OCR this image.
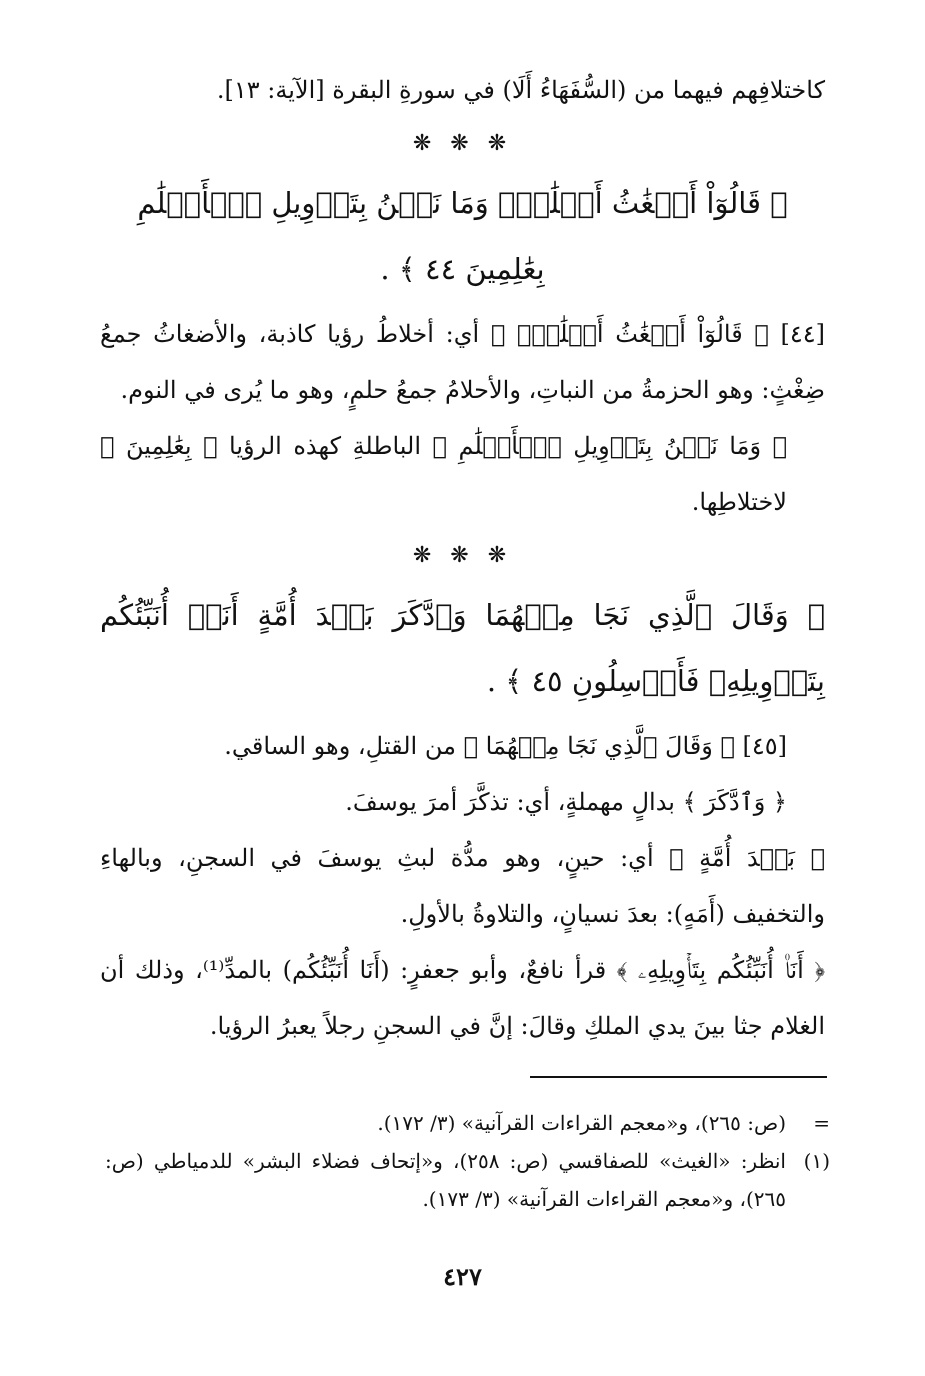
كاختلافِهم فيهما من (السُّفَهَاءُ أَلَا) في سورةِ البقرة [الآية: ١٣].

❋ ❋ ❋

﴿ قَالُوٓاْ أَضۡغَٰثُ أَحۡلَٰمٖۖ وَمَا نَحۡنُ بِتَأۡوِيلِ ٱلۡأَحۡلَٰمِ بِعَٰلِمِينَ ٤٤ ﴾ .

[٤٤] ﴿ قَالُوٓاْ أَضۡغَٰثُ أَحۡلَٰمٖۖ ﴾ أي: أخلاطُ رؤيا كاذبة، والأضغاثُ جمعُ ضِغْثٍ: وهو الحزمةُ من النباتِ، والأحلامُ جمعُ حلمٍ، وهو ما يُرى في النوم.

﴿ وَمَا نَحۡنُ بِتَأۡوِيلِ ٱلۡأَحۡلَٰمِ ﴾ الباطلةِ كهذه الرؤيا ﴿ بِعَٰلِمِينَ ﴾ لاختلاطِها.

❋ ❋ ❋

﴿ وَقَالَ ٱلَّذِي نَجَا مِنۡهُمَا وَٱدَّكَرَ بَعۡدَ أُمَّةٍ أَنَا۠ أُنَبِّئُكُم بِتَأۡوِيلِهِۦ فَأَرۡسِلُونِ ٤٥ ﴾ .

[٤٥] ﴿ وَقَالَ ٱلَّذِي نَجَا مِنۡهُمَا ﴾ من القتلِ، وهو الساقي.

﴿ وَٱدَّكَرَ ﴾ بدالٍ مهملةٍ، أي: تذكَّرَ أمرَ يوسفَ.

﴿ بَعۡدَ أُمَّةٍ ﴾ أي: حينٍ، وهو مدُّة لبثِ يوسفَ في السجنِ، وبالهاءِ والتخفيف (أَمَهٍ): بعدَ نسيانٍ، والتلاوةُ بالأولِ.

﴿ أَنَا۠ أُنَبِّئُكُم بِتَأۡوِيلِهِۦ ﴾ قرأ نافعٌ، وأبو جعفرٍ: (أَنَا أُنَبِّئُكُم) بالمدِّ⁽¹⁾، وذلك أن الغلام جثا بينَ يدي الملكِ وقالَ: إنَّ في السجنِ رجلاً يعبرُ الرؤيا.

=
(ص: ٢٦٥)، و«معجم القراءات القرآنية» (٣/ ١٧٢).
(١)
انظر: «الغيث» للصفاقسي (ص: ٢٥٨)، و«إتحاف فضلاء البشر» للدمياطي (ص: ٢٦٥)، و«معجم القراءات القرآنية» (٣/ ١٧٣).
٤٢٧
